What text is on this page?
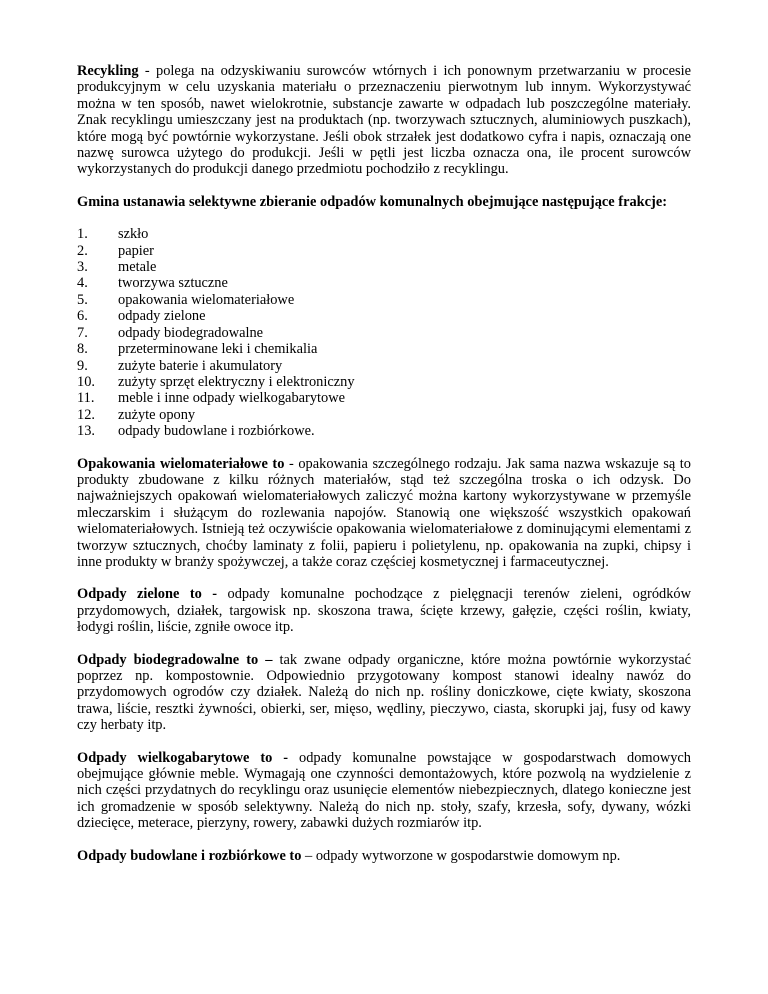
Recykling - polega na odzyskiwaniu surowców wtórnych i ich ponownym przetwarzaniu w procesie produkcyjnym w celu uzyskania materiału o przeznaczeniu pierwotnym lub innym. Wykorzystywać można w ten sposób, nawet wielokrotnie, substancje zawarte w odpadach lub poszczególne materiały. Znak recyklingu umieszczany jest na produktach (np. tworzywach sztucznych, aluminiowych puszkach), które mogą być powtórnie wykorzystane. Jeśli obok strzałek jest dodatkowo cyfra i napis, oznaczają one nazwę surowca użytego do produkcji. Jeśli w pętli jest liczba oznacza ona, ile procent surowców wykorzystanych do produkcji danego przedmiotu pochodziło z recyklingu.

Gmina ustanawia selektywne zbieranie odpadów komunalnych obejmujące następujące frakcje:

1.	szkło
2.	papier
3.	metale
4.	tworzywa sztuczne
5.	opakowania wielomateriałowe
6.	odpady zielone
7.	odpady biodegradowalne
8.	przeterminowane leki i chemikalia
9.	zużyte baterie i akumulatory
10.	zużyty sprzęt elektryczny i elektroniczny
11.	meble i inne odpady wielkogabarytowe
12.	zużyte opony
13.	odpady budowlane i rozbiórkowe.

Opakowania wielomateriałowe to - opakowania szczególnego rodzaju. Jak sama nazwa wskazuje są to produkty zbudowane z kilku różnych materiałów, stąd też szczególna troska o ich odzysk. Do najważniejszych opakowań wielomateriałowych zaliczyć można kartony wykorzystywane w przemyśle mleczarskim i służącym do rozlewania napojów. Stanowią one większość wszystkich opakowań wielomateriałowych. Istnieją też oczywiście opakowania wielomateriałowe z dominującymi elementami z tworzyw sztucznych, choćby laminaty z folii, papieru i polietylenu, np. opakowania na zupki, chipsy i inne produkty w branży spożywczej, a także coraz częściej kosmetycznej i farmaceutycznej.

Odpady zielone to - odpady komunalne pochodzące z pielęgnacji terenów zieleni, ogródków przydomowych, działek, targowisk np. skoszona trawa, ścięte krzewy, gałęzie, części roślin, kwiaty, łodygi roślin, liście, zgniłe owoce itp.

Odpady biodegradowalne to – tak zwane odpady organiczne, które można powtórnie wykorzystać poprzez np. kompostownie. Odpowiednio przygotowany kompost stanowi idealny nawóz do przydomowych ogrodów czy działek. Należą do nich np. rośliny doniczkowe, cięte kwiaty, skoszona trawa, liście, resztki żywności, obierki, ser, mięso, wędliny, pieczywo, ciasta, skorupki jaj, fusy od kawy czy herbaty itp.

Odpady wielkogabarytowe to - odpady komunalne powstające w gospodarstwach domowych obejmujące głównie meble. Wymagają one czynności demontażowych, które pozwolą na wydzielenie z nich części przydatnych do recyklingu oraz usunięcie elementów niebezpiecznych, dlatego konieczne jest ich gromadzenie w sposób selektywny. Należą do nich np. stoły, szafy, krzesła, sofy, dywany, wózki dziecięce, meterace, pierzyny, rowery, zabawki dużych rozmiarów itp.

Odpady budowlane i rozbiórkowe to – odpady wytworzone w gospodarstwie domowym np.
